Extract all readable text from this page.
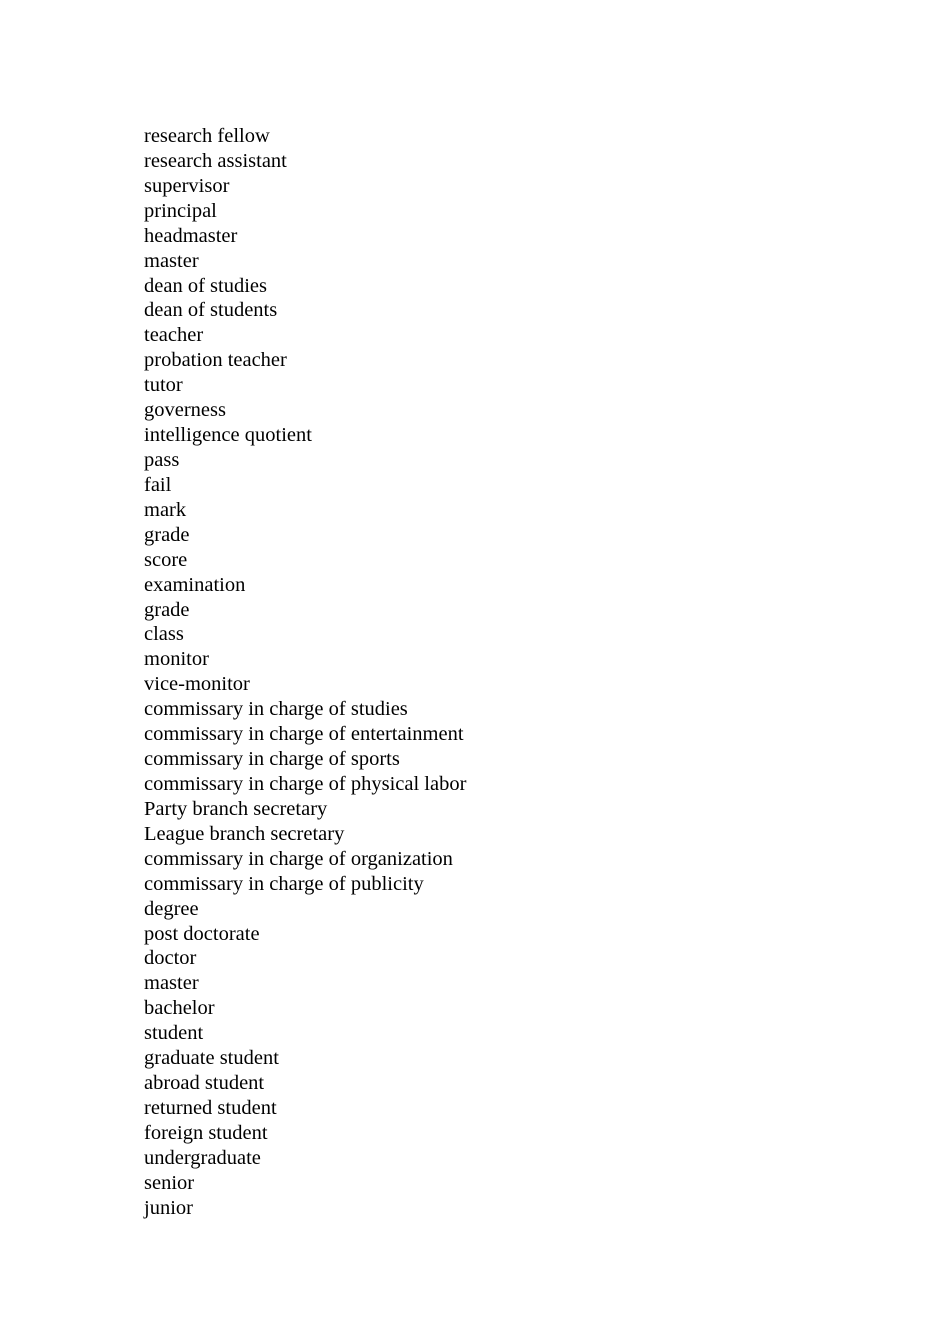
research fellow
research assistant
supervisor
principal
headmaster
master
dean of studies
dean of students
teacher
probation teacher
tutor
governess
intelligence quotient
pass
fail
mark
grade
score
examination
grade
class
monitor
vice-monitor
commissary in charge of studies
commissary in charge of entertainment
commissary in charge of sports
commissary in charge of physical labor
Party branch secretary
League branch secretary
commissary in charge of organization
commissary in charge of publicity
degree
post doctorate
doctor
master
bachelor
student
graduate student
abroad student
returned student
foreign student
undergraduate
senior
junior
